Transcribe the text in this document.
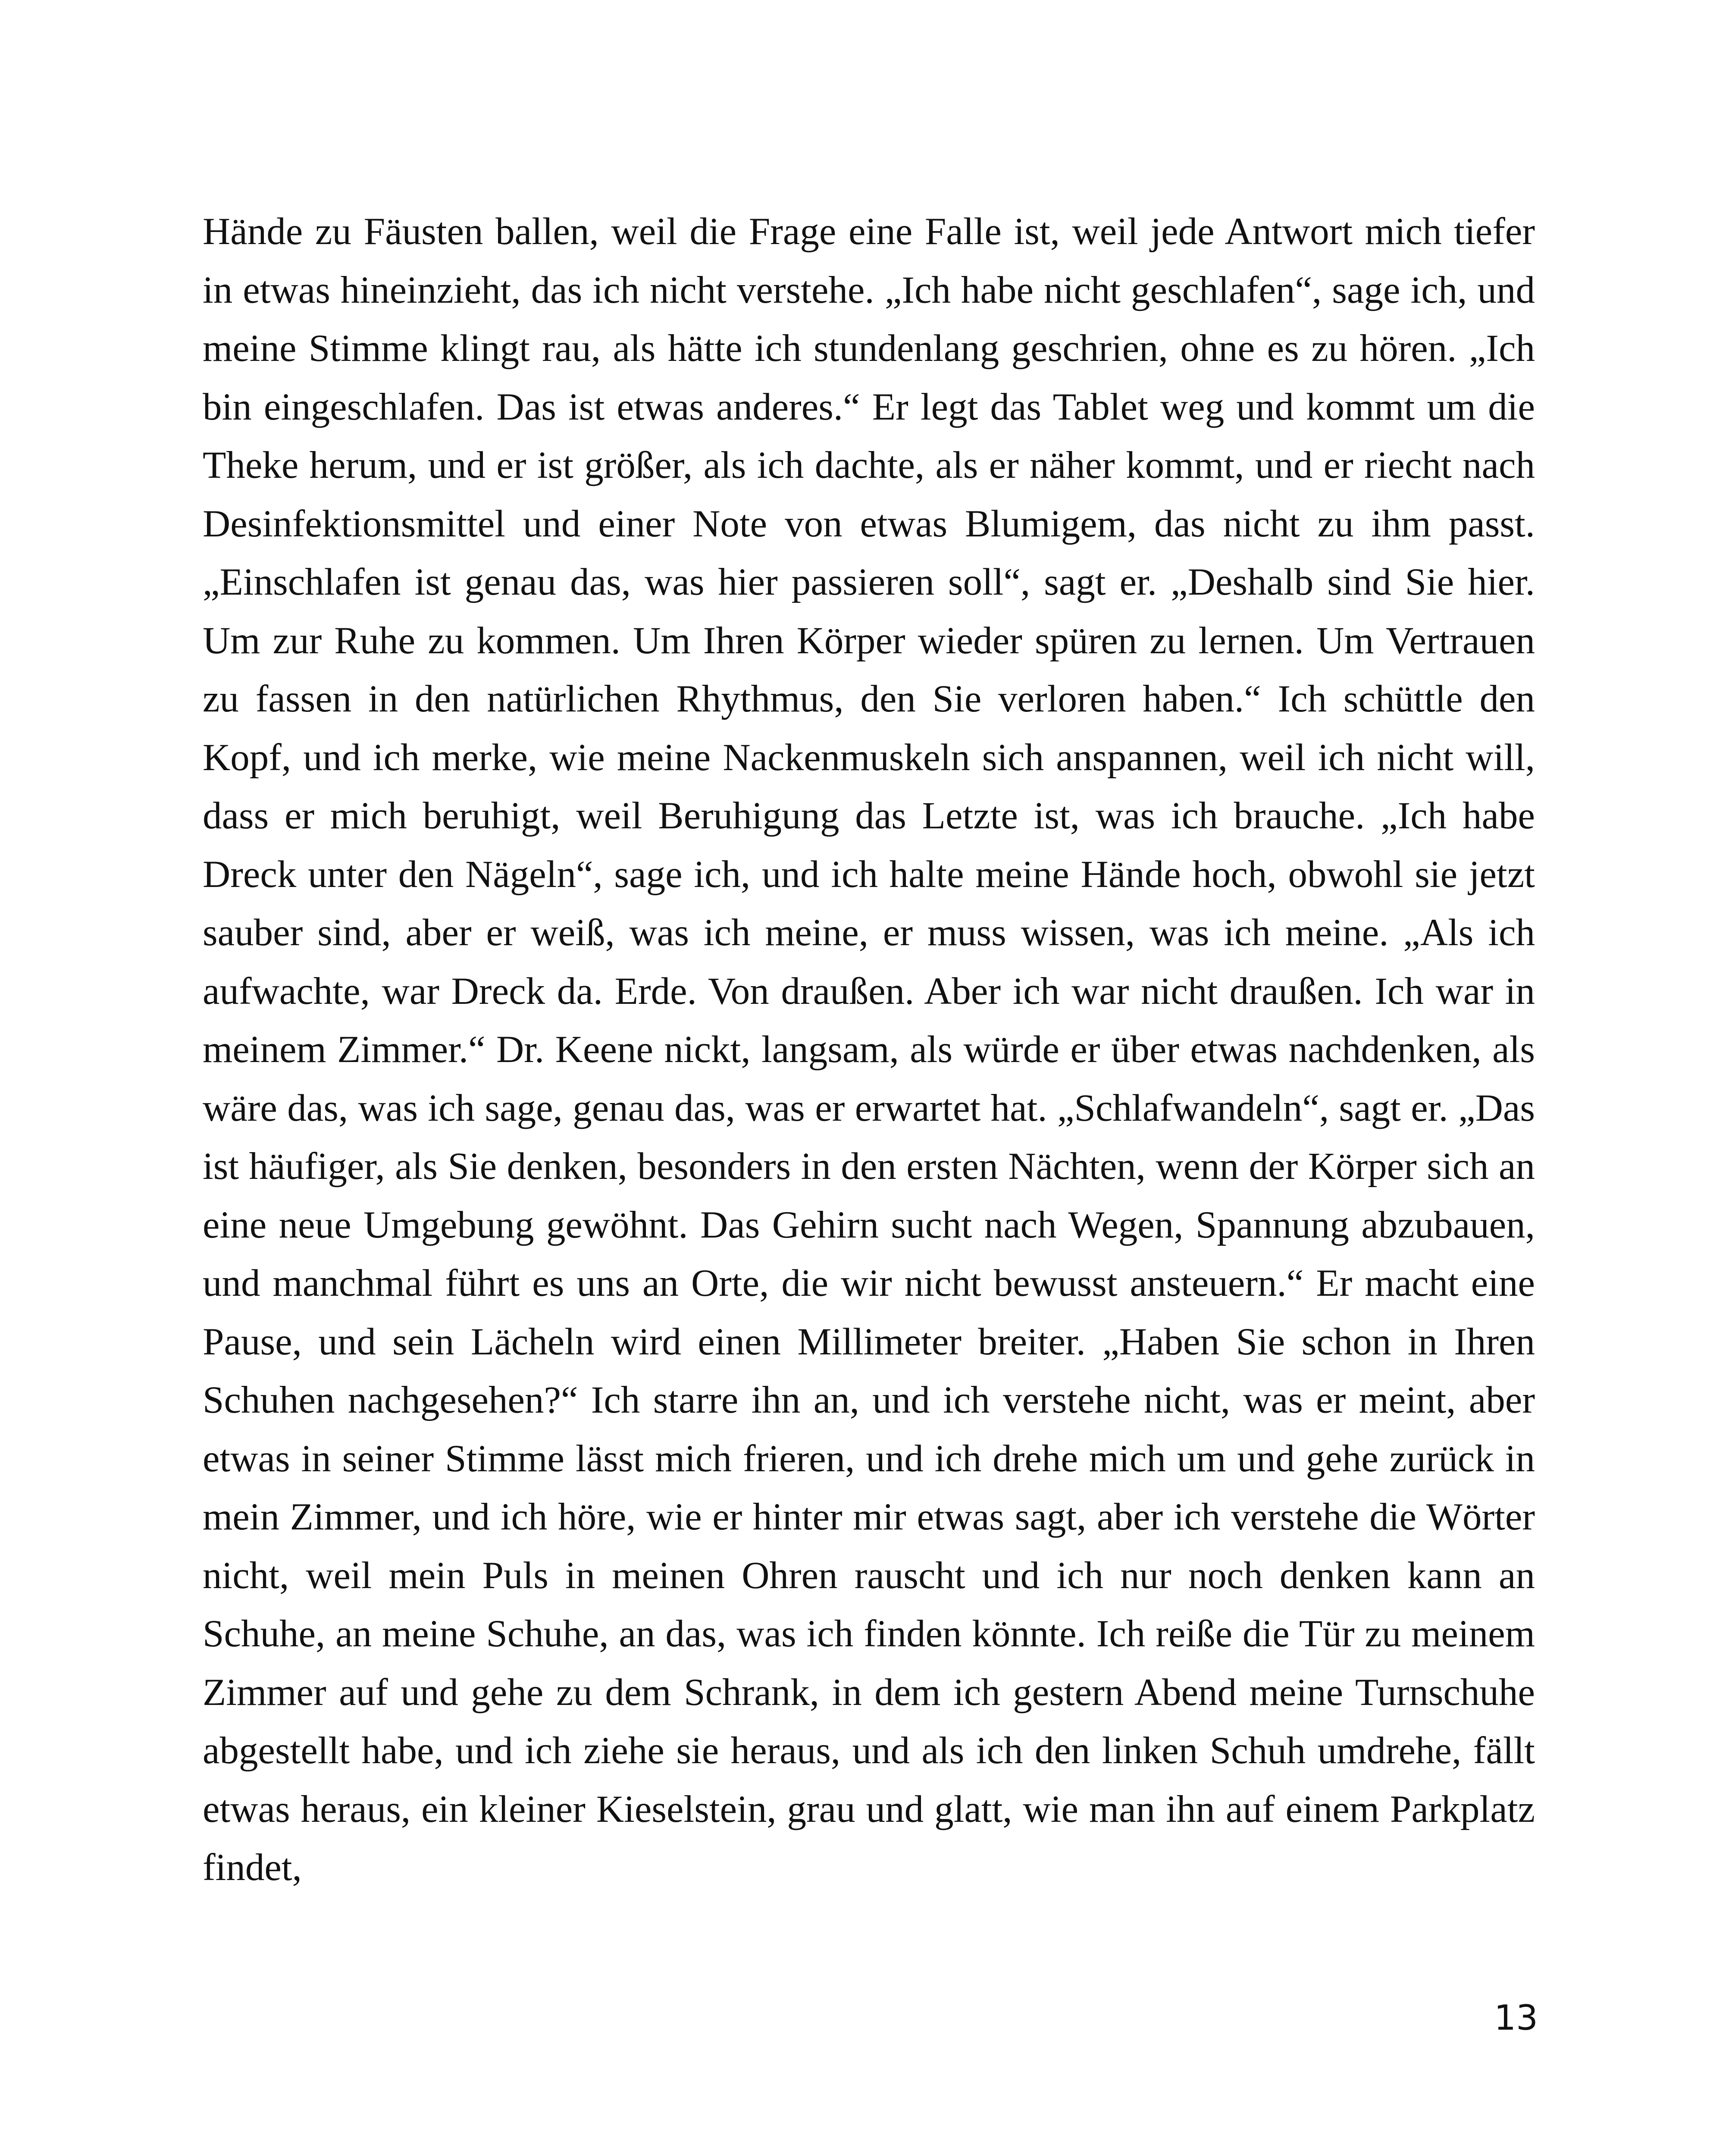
Hände zu Fäusten ballen, weil die Frage eine Falle ist, weil jede Antwort mich tiefer in etwas hineinzieht, das ich nicht verstehe. „Ich habe nicht geschlafen“, sage ich, und meine Stimme klingt rau, als hätte ich stundenlang geschrien, ohne es zu hören. „Ich bin eingeschlafen. Das ist etwas anderes.“ Er legt das Tablet weg und kommt um die Theke herum, und er ist größer, als ich dachte, als er näher kommt, und er riecht nach Desinfektionsmittel und einer Note von etwas Blumigem, das nicht zu ihm passt. „Einschlafen ist genau das, was hier passieren soll“, sagt er. „Deshalb sind Sie hier. Um zur Ruhe zu kommen. Um Ihren Körper wieder spüren zu lernen. Um Vertrauen zu fassen in den natürlichen Rhythmus, den Sie verloren haben.“ Ich schüttle den Kopf, und ich merke, wie meine Nackenmuskeln sich anspannen, weil ich nicht will, dass er mich beruhigt, weil Beruhigung das Letzte ist, was ich brauche. „Ich habe Dreck unter den Nägeln“, sage ich, und ich halte meine Hände hoch, obwohl sie jetzt sauber sind, aber er weiß, was ich meine, er muss wissen, was ich meine. „Als ich aufwachte, war Dreck da. Erde. Von draußen. Aber ich war nicht draußen. Ich war in meinem Zimmer.“ Dr. Keene nickt, langsam, als würde er über etwas nachdenken, als wäre das, was ich sage, genau das, was er erwartet hat. „Schlafwandeln“, sagt er. „Das ist häufiger, als Sie denken, besonders in den ersten Nächten, wenn der Körper sich an eine neue Umgebung gewöhnt. Das Gehirn sucht nach Wegen, Spannung abzubauen, und manchmal führt es uns an Orte, die wir nicht bewusst ansteuern.“ Er macht eine Pause, und sein Lächeln wird einen Millimeter breiter. „Haben Sie schon in Ihren Schuhen nachgesehen?“ Ich starre ihn an, und ich verstehe nicht, was er meint, aber etwas in seiner Stimme lässt mich frieren, und ich drehe mich um und gehe zurück in mein Zimmer, und ich höre, wie er hinter mir etwas sagt, aber ich verstehe die Wörter nicht, weil mein Puls in meinen Ohren rauscht und ich nur noch denken kann an Schuhe, an meine Schuhe, an das, was ich finden könnte. Ich reiße die Tür zu meinem Zimmer auf und gehe zu dem Schrank, in dem ich gestern Abend meine Turnschuhe abgestellt habe, und ich ziehe sie heraus, und als ich den linken Schuh umdrehe, fällt etwas heraus, ein kleiner Kieselstein, grau und glatt, wie man ihn auf einem Parkplatz findet,

13
